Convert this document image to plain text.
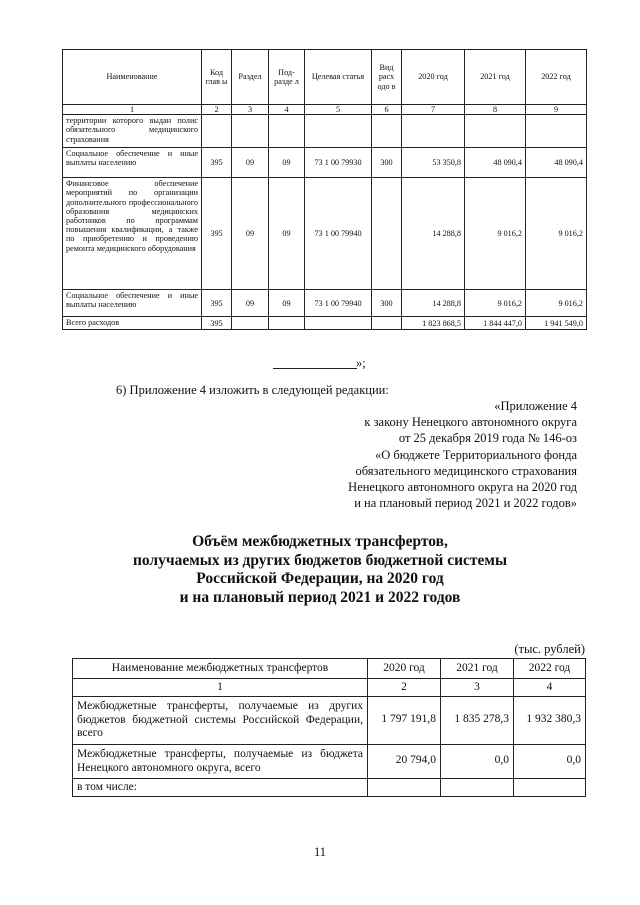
Наименование	Код глав ы	Раздел	Под- разде л	Целевая статья	Вид расх одо в	2020 год	2021 год	2022 год
1	2	3	4	5	6	7	8	9
территории которого выдан полис обязательного медицинского страхования								
Социальное обеспечение и иные выплаты населению	395	09	09	73 1 00 79930	300	53 350,8	48 090,4	48 090,4
Финансовое обеспечение мероприятий по организации дополнительного профессионального образования медицинских работников по программам повышения квалификации, а также по приобретению и проведению ремонта медицинского оборудования	395	09	09	73 1 00 79940		14 288,8	9 016,2	9 016,2
Социальное обеспечение и иные выплаты населению	395	09	09	73 1 00 79940	300	14 288,8	9 016,2	9 016,2
Всего расходов	395					1 823 868,5	1 844 447,0	1 941 549,0
»;
6) Приложение 4 изложить в следующей редакции:
«Приложение 4
к закону Ненецкого автономного округа
от 25 декабря 2019 года № 146-оз
«О бюджете Территориального фонда
обязательного медицинского страхования
Ненецкого автономного округа на 2020 год
и на плановый период 2021 и 2022 годов»
Объём межбюджетных трансфертов,
получаемых из других бюджетов бюджетной системы
Российской Федерации, на 2020 год
и на плановый период 2021 и 2022 годов
(тыс. рублей)
Наименование межбюджетных трансфертов	2020 год	2021 год	2022 год
1	2	3	4
Межбюджетные трансферты, получаемые из других бюджетов бюджетной системы Российской Федерации, всего	1 797 191,8	1 835 278,3	1 932 380,3
Межбюджетные трансферты, получаемые из бюджета Ненецкого автономного округа, всего	20 794,0	0,0	0,0
в том числе:			
11
